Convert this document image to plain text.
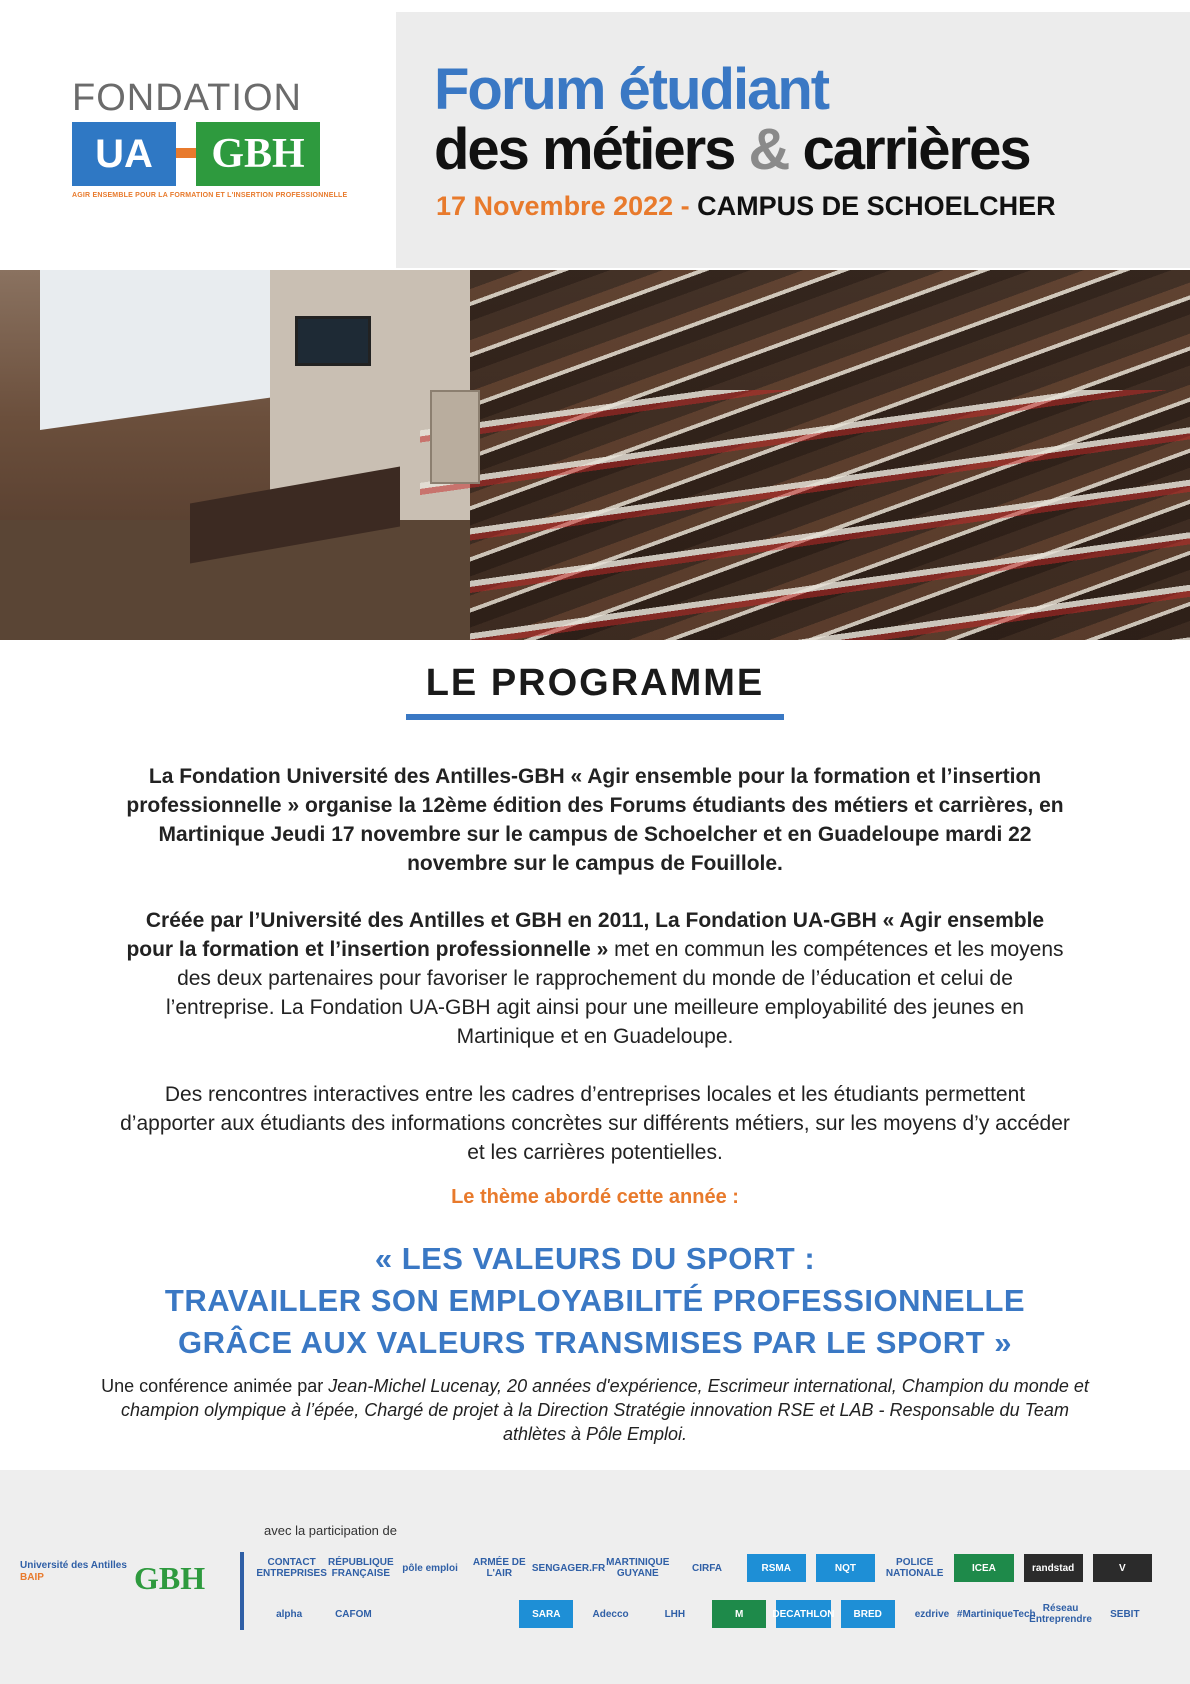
FONDATION
UA	GBH
AGIR ENSEMBLE POUR LA FORMATION ET L'INSERTION PROFESSIONNELLE
Forum étudiant
des métiers & carrières
17 Novembre 2022 - CAMPUS DE SCHOELCHER
LE PROGRAMME
La Fondation Université des Antilles-GBH « Agir ensemble pour la formation et l’insertion professionnelle » organise la 12ème édition des Forums étudiants des métiers et carrières, en Martinique Jeudi 17 novembre sur le campus de Schoelcher et en Guadeloupe mardi 22 novembre sur le campus de Fouillole.
Créée par l’Université des Antilles et GBH en 2011, La Fondation UA-GBH « Agir ensemble pour la formation et l’insertion professionnelle » met en commun les compétences et les moyens des deux partenaires pour favoriser le rapprochement du monde de l’éducation et celui de l’entreprise. La Fondation UA-GBH agit ainsi pour une meilleure employabilité des jeunes en Martinique et en Guadeloupe.
Des rencontres interactives entre les cadres d’entreprises locales et les étudiants permettent d’apporter aux étudiants des informations concrètes sur différents métiers, sur les moyens d’y accéder et les carrières potentielles.
Le thème abordé cette année :
« LES VALEURS DU SPORT :
TRAVAILLER SON EMPLOYABILITÉ PROFESSIONNELLE
GRÂCE AUX VALEURS TRANSMISES PAR LE SPORT »
Une conférence animée par Jean-Michel Lucenay, 20 années d'expérience, Escrimeur international, Champion du monde et champion olympique à l’épée, Chargé de projet à la Direction Stratégie innovation RSE et LAB - Responsable du Team athlètes à Pôle Emploi.
avec la participation de
Université des Antilles
BAIP	GBH	CONTACT ENTREPRISES
RÉPUBLIQUE FRANÇAISE pôle emploi	ARMÉE DE L'AIR	SENGAGER.FR MARTINIQUE GUYANE	CIRFA	RSMA	NQT	POLICE NATIONALE	ICEA	randstad	V
alpha	CAFOM	SARA	Adecco	LHH	M	DECATHLON	BRED	ezdrive #MartiniqueTech Réseau Entreprendre	SEBIT
